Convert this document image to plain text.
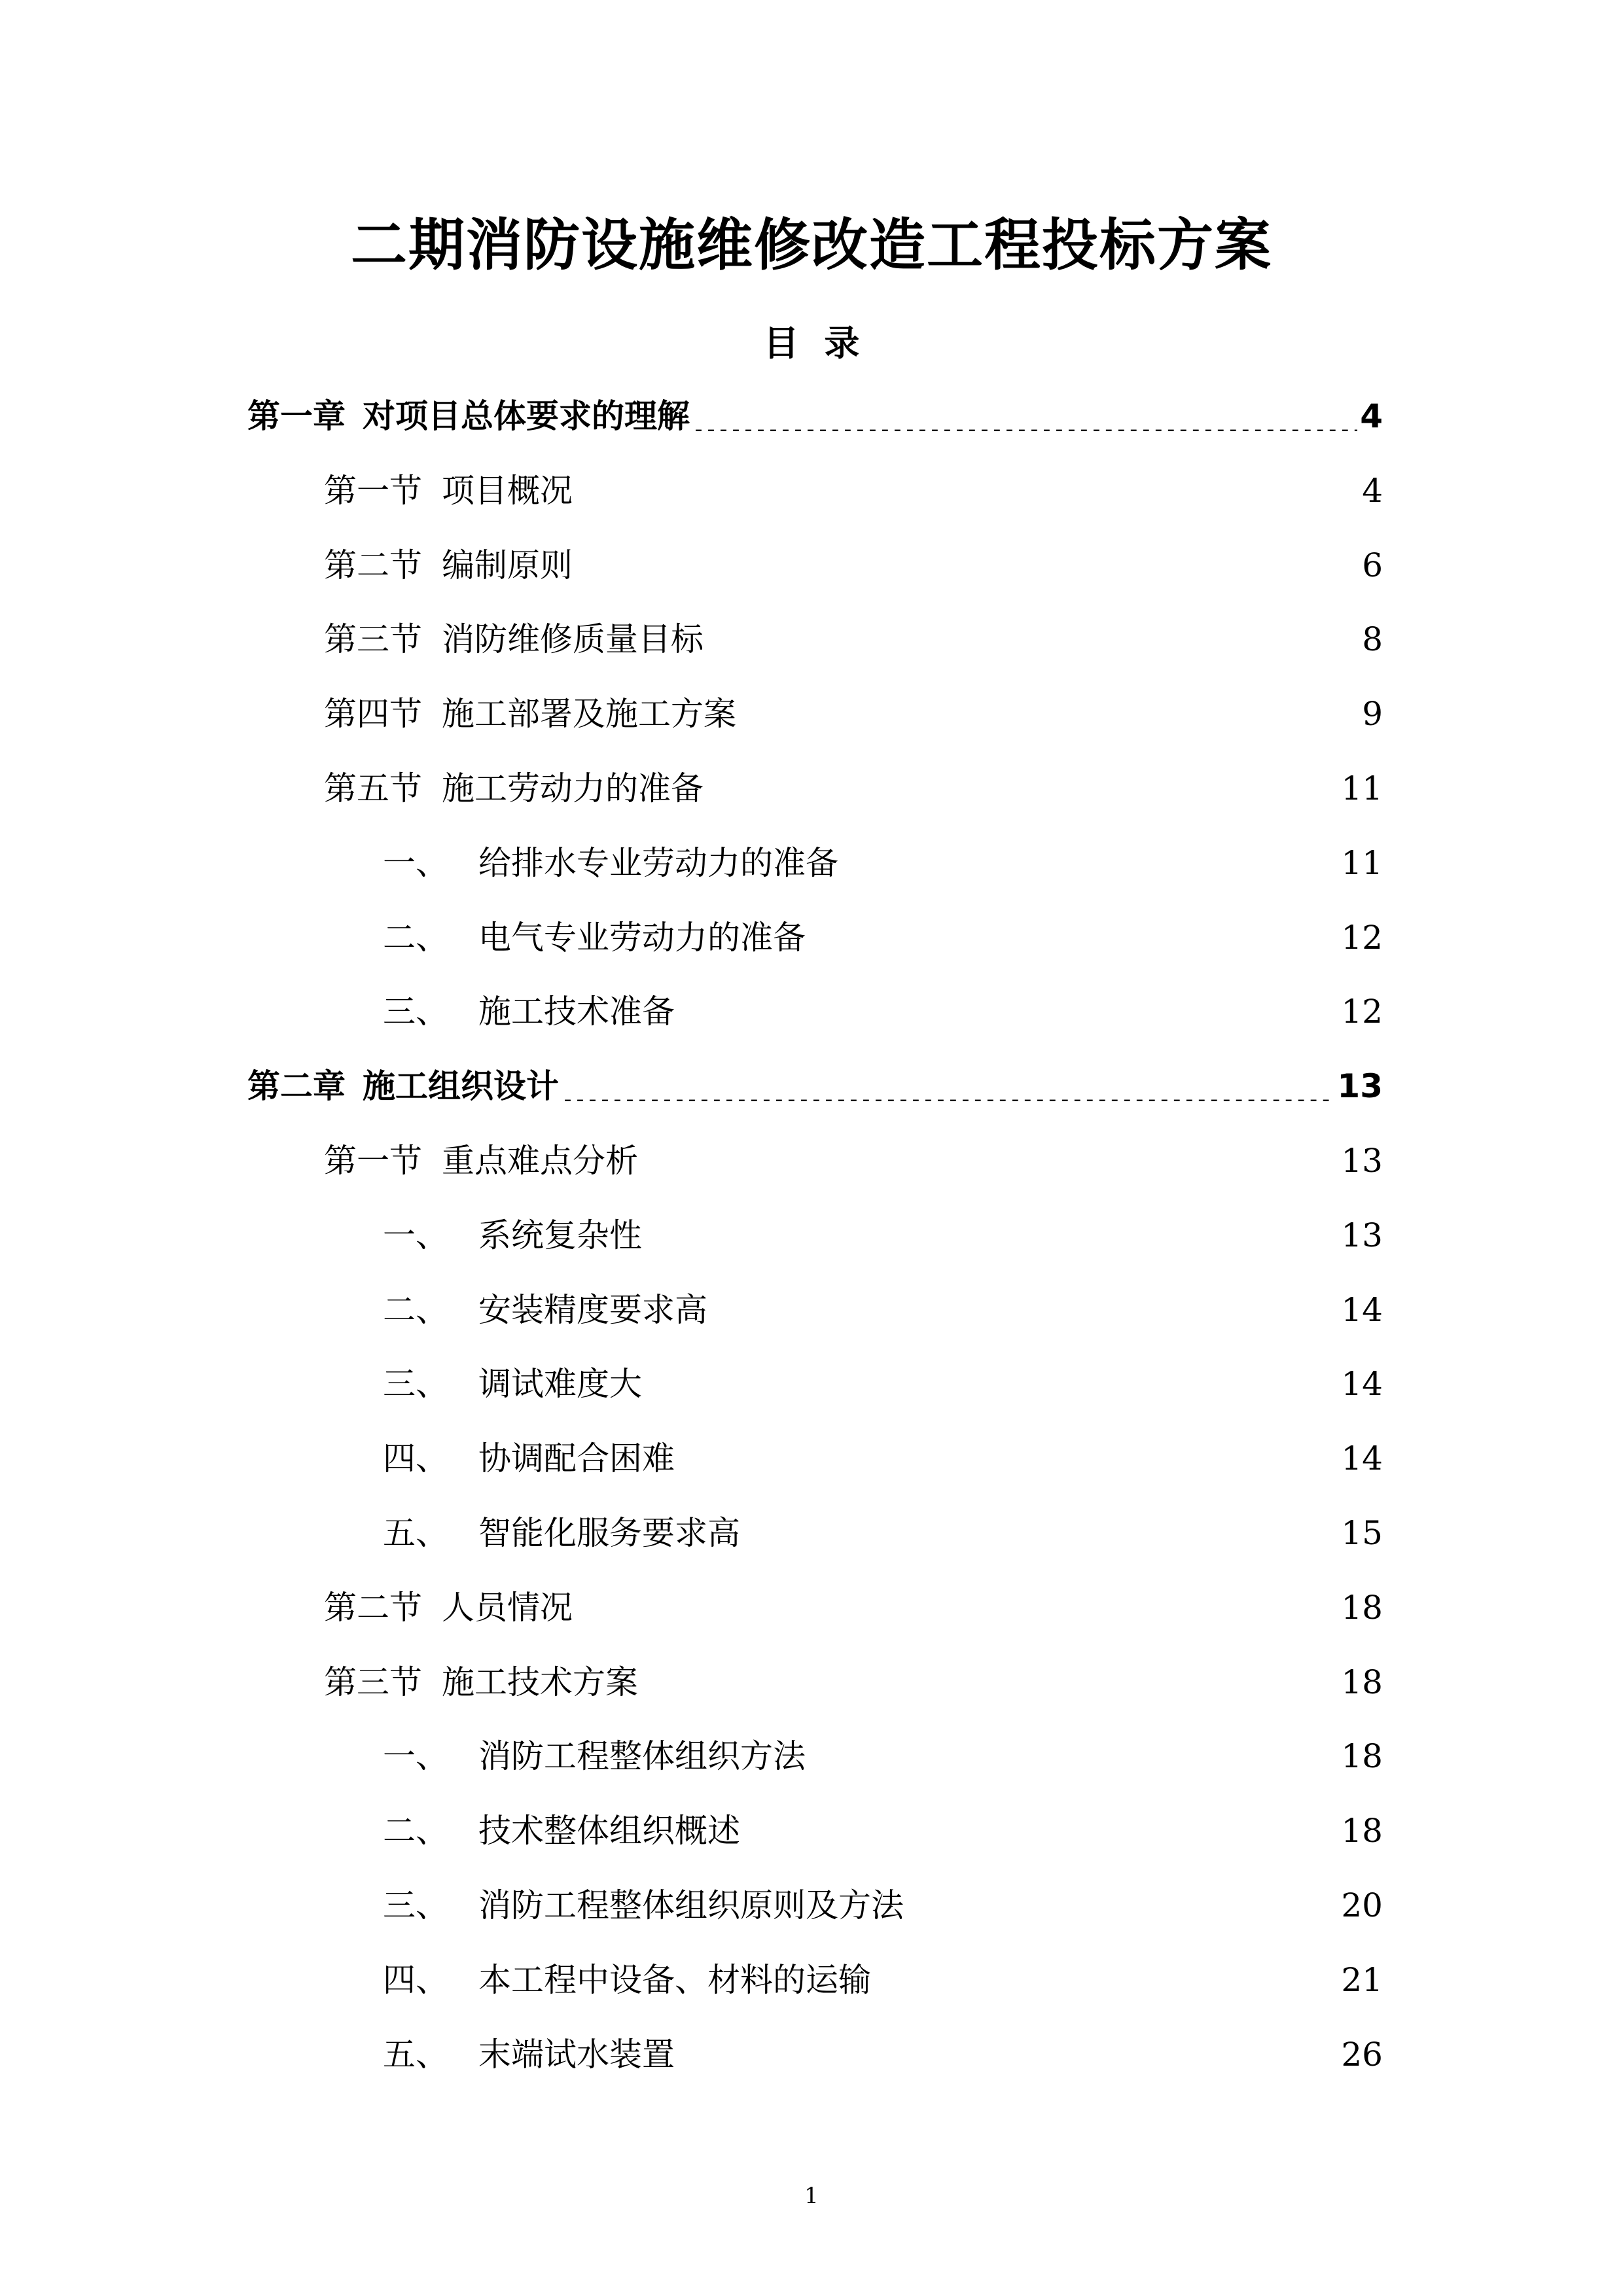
二期消防设施维修改造工程投标方案
目 录
第一章 对项目总体要求的理解 .....	4
第一节 项目概况 .....	4
第二节 编制原则 .....	6
第三节 消防维修质量目标 .....	8
第四节 施工部署及施工方案 .....	9
第五节 施工劳动力的准备 .....	11
一、 给排水专业劳动力的准备 .....	11
二、 电气专业劳动力的准备 .....	12
三、 施工技术准备 .....	12
第二章 施工组织设计 .....	13
第一节 重点难点分析 .....	13
一、 系统复杂性 .....	13
二、 安装精度要求高 .....	14
三、 调试难度大 .....	14
四、 协调配合困难 .....	14
五、 智能化服务要求高 .....	15
第二节 人员情况 .....	18
第三节 施工技术方案 .....	18
一、 消防工程整体组织方法 .....	18
二、 技术整体组织概述 .....	18
三、 消防工程整体组织原则及方法 .....	20
四、 本工程中设备、材料的运输 .....	21
五、 末端试水装置 .....	26
1
